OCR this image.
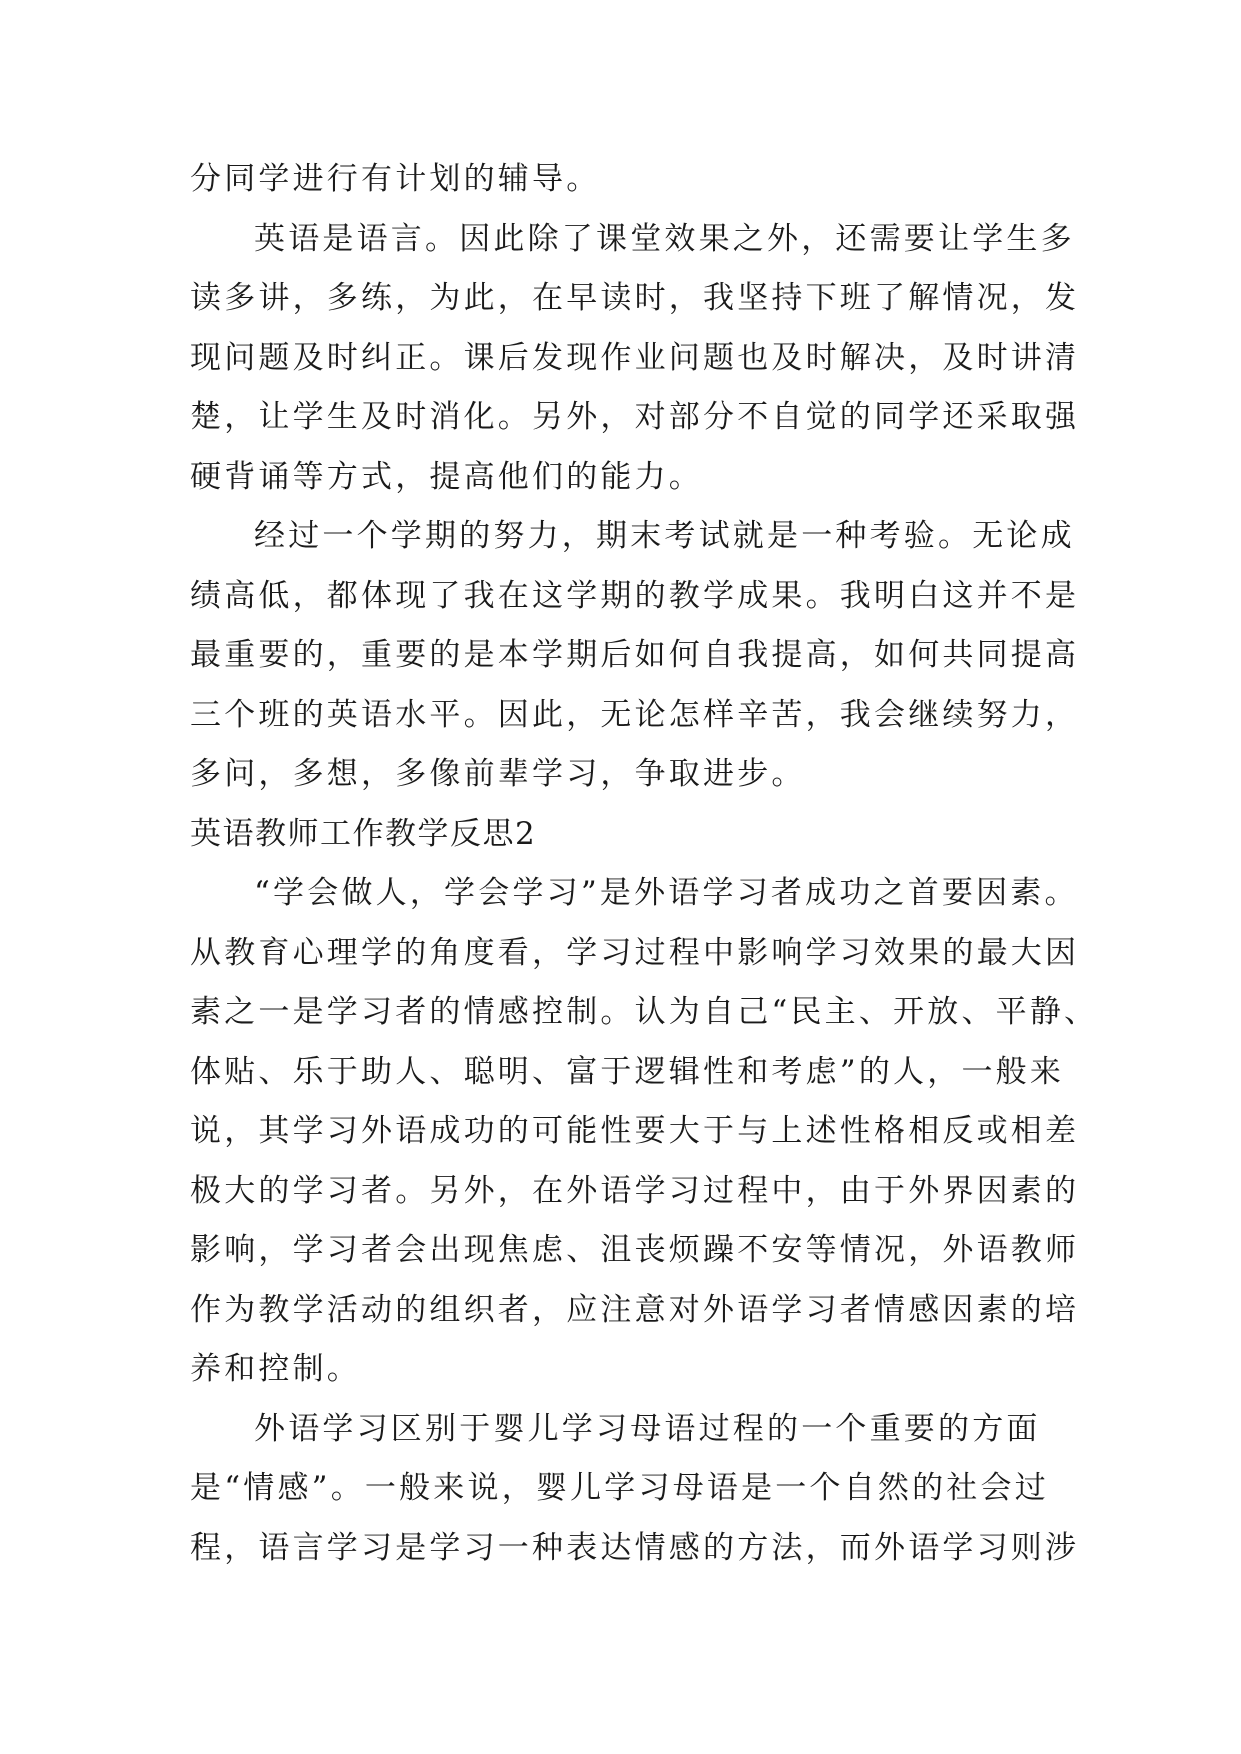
分同学进行有计划的辅导。
英语是语言。因此除了课堂效果之外，还需要让学生多
读多讲，多练，为此，在早读时，我坚持下班了解情况，发
现问题及时纠正。课后发现作业问题也及时解决，及时讲清
楚，让学生及时消化。另外，对部分不自觉的同学还采取强
硬背诵等方式，提高他们的能力。
经过一个学期的努力，期末考试就是一种考验。无论成
绩高低，都体现了我在这学期的教学成果。我明白这并不是
最重要的，重要的是本学期后如何自我提高，如何共同提高
三个班的英语水平。因此，无论怎样辛苦，我会继续努力，
多问，多想，多像前辈学习，争取进步。
英语教师工作教学反思2
“学会做人，学会学习”是外语学习者成功之首要因素。
从教育心理学的角度看，学习过程中影响学习效果的最大因
素之一是学习者的情感控制。认为自己“民主、开放、平静、
体贴、乐于助人、聪明、富于逻辑性和考虑”的人，一般来
说，其学习外语成功的可能性要大于与上述性格相反或相差
极大的学习者。另外，在外语学习过程中，由于外界因素的
影响，学习者会出现焦虑、沮丧烦躁不安等情况，外语教师
作为教学活动的组织者，应注意对外语学习者情感因素的培
养和控制。
外语学习区别于婴儿学习母语过程的一个重要的方面
是“情感”。一般来说，婴儿学习母语是一个自然的社会过
程，语言学习是学习一种表达情感的方法，而外语学习则涉
